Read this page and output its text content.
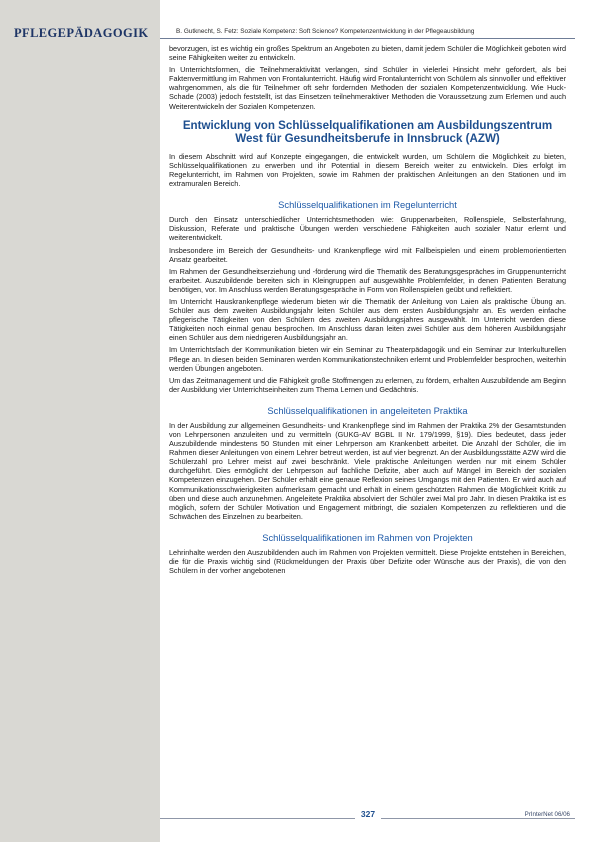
PFLEGEPÄDAGOGIK	B. Gutknecht, S. Fetz: Soziale Kompetenz: Soft Science? Kompetenzentwicklung in der Pflegeausbildung

bevorzugen, ist es wichtig ein großes Spektrum an Angeboten zu bieten, damit jedem Schüler die Möglichkeit geboten wird seine Fähigkeiten weiter zu entwickeln.

In Unterrichtsformen, die Teilnehmeraktivität verlangen, sind Schüler in vielerlei Hinsicht mehr gefordert, als bei Faktenvermittlung im Rahmen von Frontalunterricht. Häufig wird Frontalunterricht von Schülern als sinnvoller und effektiver wahrgenommen, als die für Teilnehmer oft sehr fordernden Methoden der sozialen Kompetenzentwicklung. Wie Huck-Schade (2003) jedoch feststellt, ist das Einsetzen teilnehmeraktiver Methoden die Voraussetzung zum Erlernen und auch Weiterentwickeln der Sozialen Kompetenzen.

Entwicklung von Schlüsselqualifikationen am Ausbildungszentrum West für Gesundheitsberufe in Innsbruck (AZW)

In diesem Abschnitt wird auf Konzepte eingegangen, die entwickelt wurden, um Schülern die Möglichkeit zu bieten, Schlüsselqualifikationen zu erwerben und ihr Potential in diesem Bereich weiter zu entwickeln. Dies erfolgt im Regelunterricht, im Rahmen von Projekten, sowie im Rahmen der praktischen Anleitungen an den Stationen und im extramuralen Bereich.

Schlüsselqualifikationen im Regelunterricht

Durch den Einsatz unterschiedlicher Unterrichtsmethoden wie: Gruppenarbeiten, Rollenspiele, Selbsterfahrung, Diskussion, Referate und praktische Übungen werden verschiedene Fähigkeiten auch sozialer Natur erlernt und weiterentwickelt.

Insbesondere im Bereich der Gesundheits- und Krankenpflege wird mit Fallbeispielen und einem problemorientierten Ansatz gearbeitet.

Im Rahmen der Gesundheitserziehung und -förderung wird die Thematik des Beratungsgespräches im Gruppenunterricht erarbeitet. Auszubildende bereiten sich in Kleingruppen auf ausgewählte Problemfelder, in denen Patienten Beratung benötigen, vor. Im Anschluss werden Beratungsgespräche in Form von Rollenspielen geübt und reflektiert.

Im Unterricht Hauskrankenpflege wiederum bieten wir die Thematik der Anleitung von Laien als praktische Übung an. Schüler aus dem zweiten Ausbildungsjahr leiten Schüler aus dem ersten Ausbildungsjahr an. Es werden einfache pflegerische Tätigkeiten von den Schülern des zweiten Ausbildungsjahres ausgewählt. Im Unterricht werden diese Tätigkeiten noch einmal genau besprochen. Im Anschluss daran leiten zwei Schüler aus dem höheren Ausbildungsjahr einen Schüler aus dem niedrigeren Ausbildungsjahr an.

Im Unterrichtsfach der Kommunikation bieten wir ein Seminar zu Theaterpädagogik und ein Seminar zur Interkulturellen Pflege an. In diesen beiden Seminaren werden Kommunikationstechniken erlernt und Problemfelder besprochen, weiterhin werden Übungen angeboten.

Um das Zeitmanagement und die Fähigkeit große Stoffmengen zu erlernen, zu fördern, erhalten Auszubildende am Beginn der Ausbildung vier Unterrichtseinheiten zum Thema Lernen und Gedächtnis.

Schlüsselqualifikationen in angeleiteten Praktika

In der Ausbildung zur allgemeinen Gesundheits- und Krankenpflege sind im Rahmen der Praktika 2% der Gesamtstunden von Lehrpersonen anzuleiten und zu vermitteln (GUKG-AV BGBL II Nr. 179/1999, §19). Dies bedeutet, dass jeder Auszubildende mindestens 50 Stunden mit einer Lehrperson am Krankenbett arbeitet. Die Anzahl der Schüler, die im Rahmen dieser Anleitungen von einem Lehrer betreut werden, ist auf vier begrenzt. An der Ausbildungsstätte AZW wird die Schülerzahl pro Lehrer meist auf zwei beschränkt. Viele praktische Anleitungen werden nur mit einem Schüler durchgeführt. Dies ermöglicht der Lehrperson auf fachliche Defizite, aber auch auf Mängel im Bereich der sozialen Kompetenzen einzugehen. Der Schüler erhält eine genaue Reflexion seines Umgangs mit den Patienten. Er wird auch auf Kommunikationsschwierigkeiten aufmerksam gemacht und erhält in einem geschützten Rahmen die Möglichkeit Kritik zu üben und diese auch anzunehmen. Angeleitete Praktika absolviert der Schüler zwei Mal pro Jahr. In diesen Praktika ist es möglich, sofern der Schüler Motivation und Engagement mitbringt, die sozialen Kompetenzen zu reflektieren und die Schwächen des Einzelnen zu bearbeiten.

Schlüsselqualifikationen im Rahmen von Projekten

Lehrinhalte werden den Auszubildenden auch im Rahmen von Projekten vermittelt. Diese Projekte entstehen in Bereichen, die für die Praxis wichtig sind (Rückmeldungen der Praxis über Defizite oder Wünsche aus der Praxis), die von den Schülern in der vorher angebotenen

327	PrInterNet 06/06
